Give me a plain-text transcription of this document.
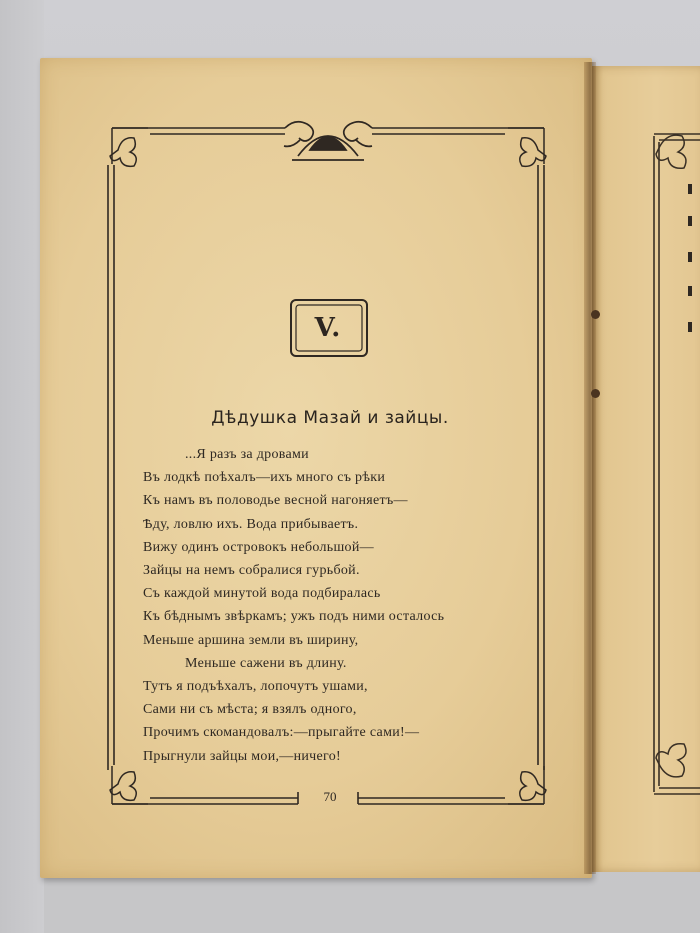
V.
Дѣдушка Мазай и зайцы.
...Я разъ за дровами
Въ лодкѣ поѣхалъ—ихъ много съ рѣки
Къ намъ въ половодье весной нагоняетъ—
Ѣду, ловлю ихъ. Вода прибываетъ.
Вижу одинъ островокъ небольшой—
Зайцы на немъ собралися гурьбой.
Съ каждой минутой вода подбиралась
Къ бѣднымъ звѣркамъ; ужъ подъ ними осталось
Меньше аршина земли въ ширину,
Меньше сажени въ длину.
Тутъ я подъѣхалъ, лопочутъ ушами,
Сами ни съ мѣста; я взялъ одного,
Прочимъ скомандовалъ:—прыгайте сами!—
Прыгнули зайцы мои,—ничего!
70
